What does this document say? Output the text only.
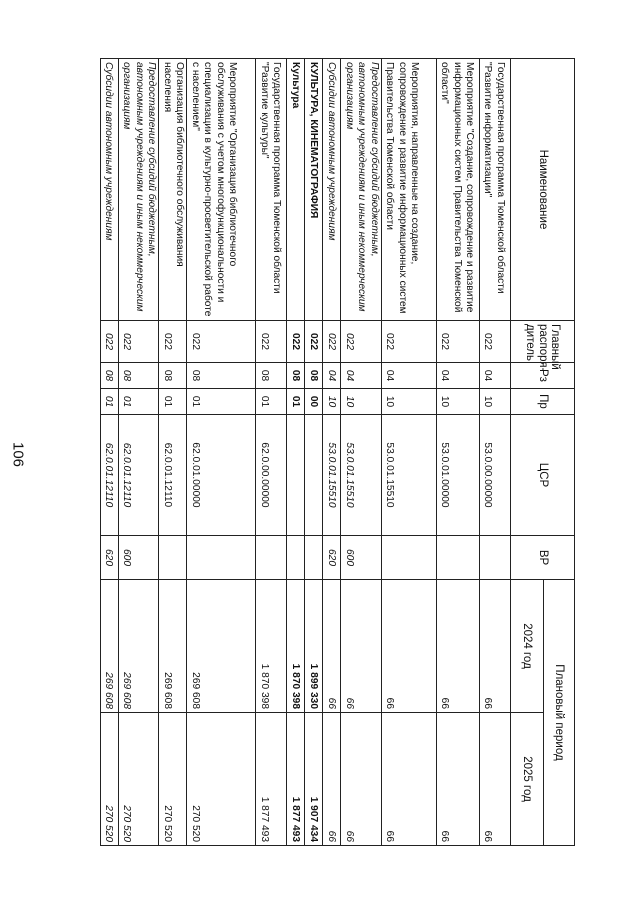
106
Наименование	Главный распоря-дитель	Рз	Пр	ЦСР	ВР	Плановый период	
						2024 год	2025 год
Государственная программа Тюменской области "Развитие информатизации"	022	04	10	53.0.00.00000		66	66
Мероприятие "Создание, сопровождение и развитие информационных систем Правительства Тюменской области"	022	04	10	53.0.01.00000		66	66
Мероприятия, направленные на создание, сопровождение и развитие информационных систем Правительства Тюменской области	022	04	10	53.0.01.15510		66	66
Предоставление субсидий бюджетным, автономным учреждениям и иным некоммерческим организациям	022	04	10	53.0.01.15510	600	66	66
Субсидии автономным учреждениям	022	04	10	53.0.01.15510	620	66	66
КУЛЬТУРА, КИНЕМАТОГРАФИЯ	022	08	00			1 899 330	1 907 434
Культура	022	08	01			1 870 398	1 877 493
Государственная программа Тюменской области "Развитие культуры"	022	08	01	62.0.00.00000		1 870 398	1 877 493
Мероприятие "Организация библиотечного обслуживания с учетом многофункциональности и специализации в культурно-просветительской работе с населением"	022	08	01	62.0.01.00000		269 608	270 520
Организация библиотечного обслуживания населения	022	08	01	62.0.01.12110		269 608	270 520
Предоставление субсидий бюджетным, автономным учреждениям и иным некоммерческим организациям	022	08	01	62.0.01.12110	600	269 608	270 520
Субсидии автономным учреждениям	022	08	01	62.0.01.12110	620	269 608	270 520
